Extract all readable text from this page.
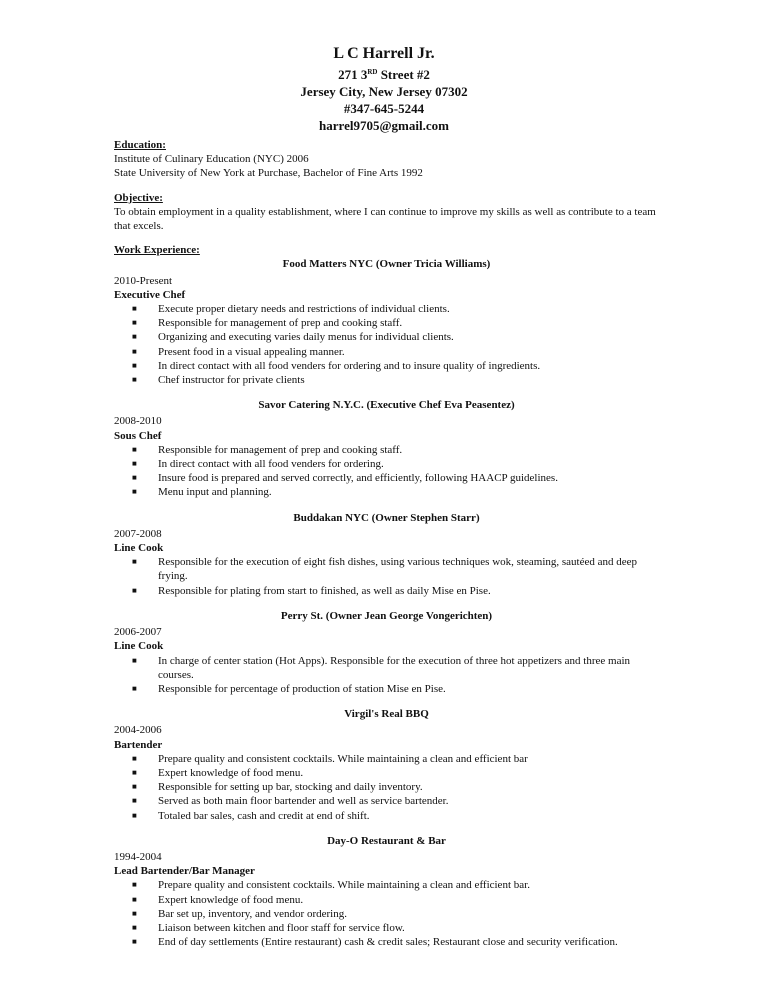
L C Harrell Jr.
271 3RD Street #2
Jersey City, New Jersey 07302
#347-645-5244
harrel9705@gmail.com
Education:
Institute of Culinary Education (NYC) 2006
State University of New York at Purchase, Bachelor of Fine Arts 1992
Objective:
To obtain employment in a quality establishment, where I can continue to improve my skills as well as contribute to a team that excels.
Work Experience:
Food Matters NYC (Owner Tricia Williams)
2010-Present
Executive Chef
■ Execute proper dietary needs and restrictions of individual clients.
■ Responsible for management of prep and cooking staff.
■ Organizing and executing varies daily menus for individual clients.
■ Present food in a visual appealing manner.
■ In direct contact with all food venders for ordering and to insure quality of ingredients.
■ Chef instructor for private clients
Savor Catering N.Y.C. (Executive Chef Eva Peasentez)
2008-2010
Sous Chef
■ Responsible for management of prep and cooking staff.
■ In direct contact with all food venders for ordering.
■ Insure food is prepared and served correctly, and efficiently, following HAACP guidelines.
■ Menu input and planning.
Buddakan NYC (Owner Stephen Starr)
2007-2008
Line Cook
■ Responsible for the execution of eight fish dishes, using various techniques wok, steaming, sautéed and deep frying.
■ Responsible for plating from start to finished, as well as daily Mise en Pise.
Perry St. (Owner Jean George Vongerichten)
2006-2007
Line Cook
■ In charge of center station (Hot Apps). Responsible for the execution of three hot appetizers and three main courses.
■ Responsible for percentage of production of station Mise en Pise.
Virgil's Real BBQ
2004-2006
Bartender
■ Prepare quality and consistent cocktails. While maintaining a clean and efficient bar
■ Expert knowledge of food menu.
■ Responsible for setting up bar, stocking and daily inventory.
■ Served as both main floor bartender and well as service bartender.
■ Totaled bar sales, cash and credit at end of shift.
Day-O Restaurant & Bar
1994-2004
Lead Bartender/Bar Manager
■ Prepare quality and consistent cocktails. While maintaining a clean and efficient bar.
■ Expert knowledge of food menu.
■ Bar set up, inventory, and vendor ordering.
■ Liaison between kitchen and floor staff for service flow.
■ End of day settlements (Entire restaurant) cash & credit sales; Restaurant close and security verification.
